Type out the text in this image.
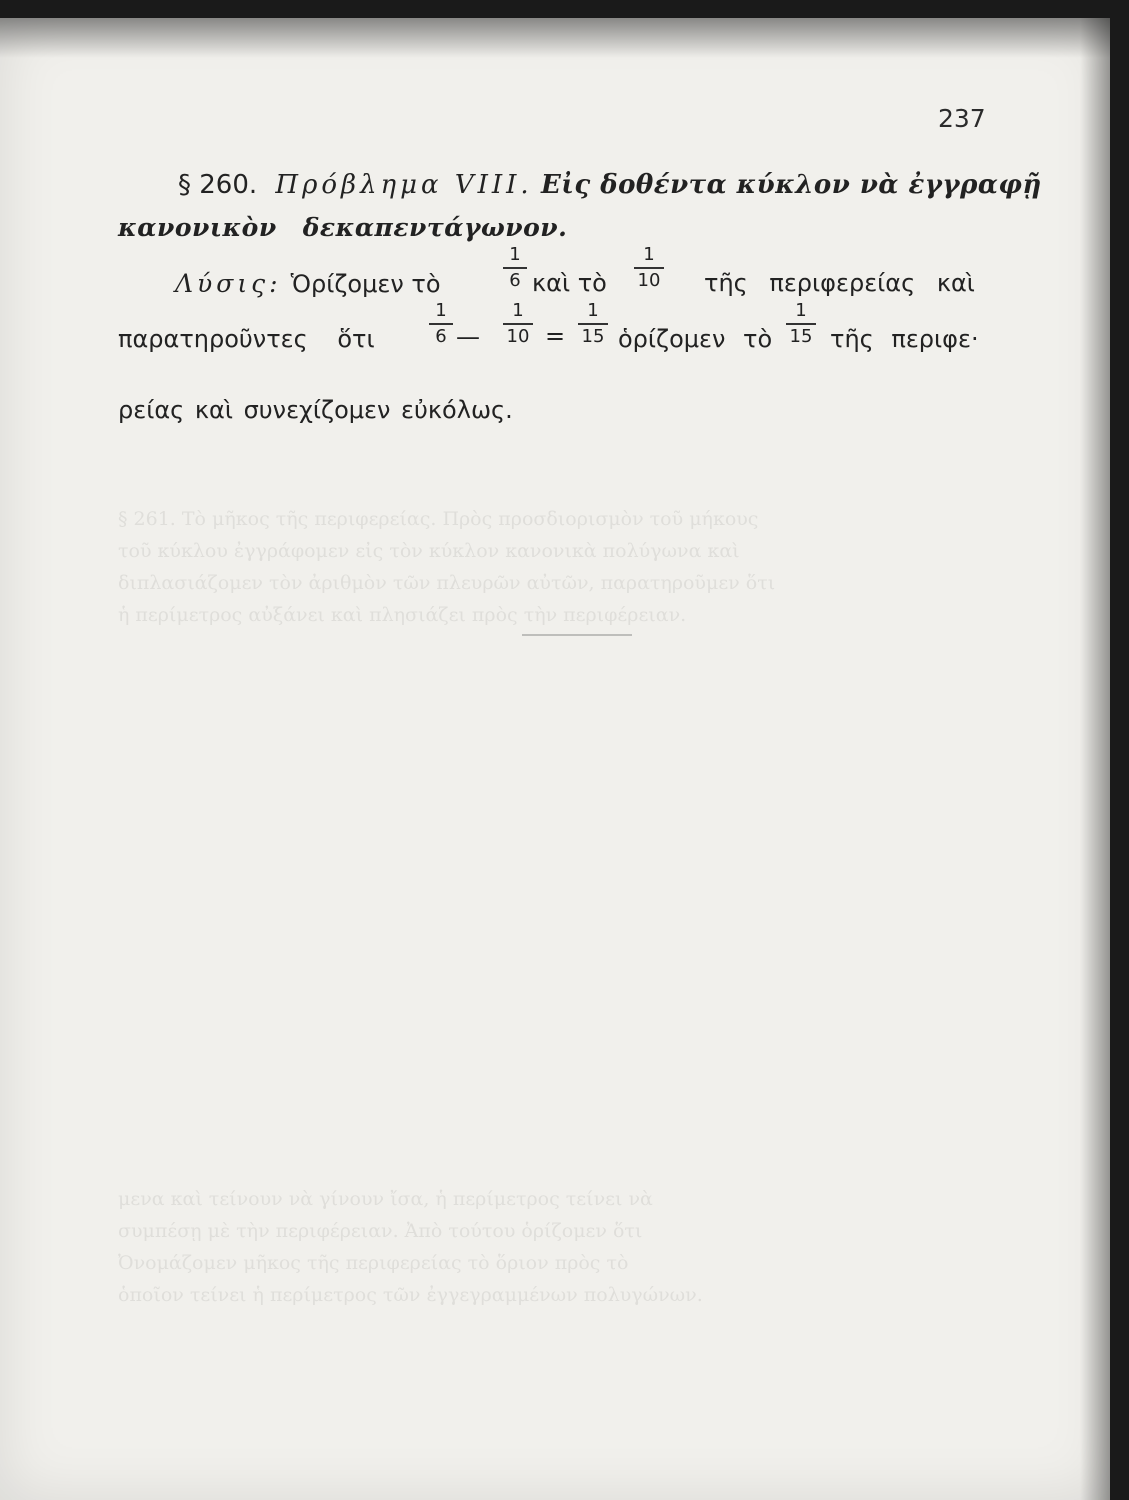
§ 261. Τὸ μῆκος τῆς περιφερείας. Πρὸς προσδιορισμὸν τοῦ μήκους
τοῦ κύκλου ἐγγράφομεν εἰς τὸν κύκλον κανονικὰ πολύγωνα καὶ
διπλασιάζομεν τὸν ἀριθμὸν τῶν πλευρῶν αὐτῶν, παρατηροῦμεν ὅτι
ἡ περίμετρος αὐξάνει καὶ πλησιάζει πρὸς τὴν περιφέρειαν.
μενα καὶ τείνουν νὰ γίνουν ἴσα, ἡ περίμετρος τείνει νὰ
συμπέσῃ μὲ τὴν περιφέρειαν. Ἀπὸ τούτου ὁρίζομεν ὅτι
Ὀνομάζομεν μῆκος τῆς περιφερείας τὸ ὅριον πρὸς τὸ
ὁποῖον τείνει ἡ περίμετρος τῶν ἐγγεγραμμένων πολυγώνων.
237
§ 260. Πρόβλημα VIII. Εἰς δοθέντα κύκλον νὰ ἐγγραφῇ
κανονικὸν δεκαπεντάγωνον.
Λύσις: Ὁρίζομεν τὸ
1
6 καὶ τὸ
1
10 τῆς περιφερείας καὶ
παρατηροῦντες ὅτι
1
6 —
1
10 =
1
15 ὁρίζομεν τὸ
1
15 τῆς περιφε·
ρείας καὶ συνεχίζομεν εὐκόλως.
